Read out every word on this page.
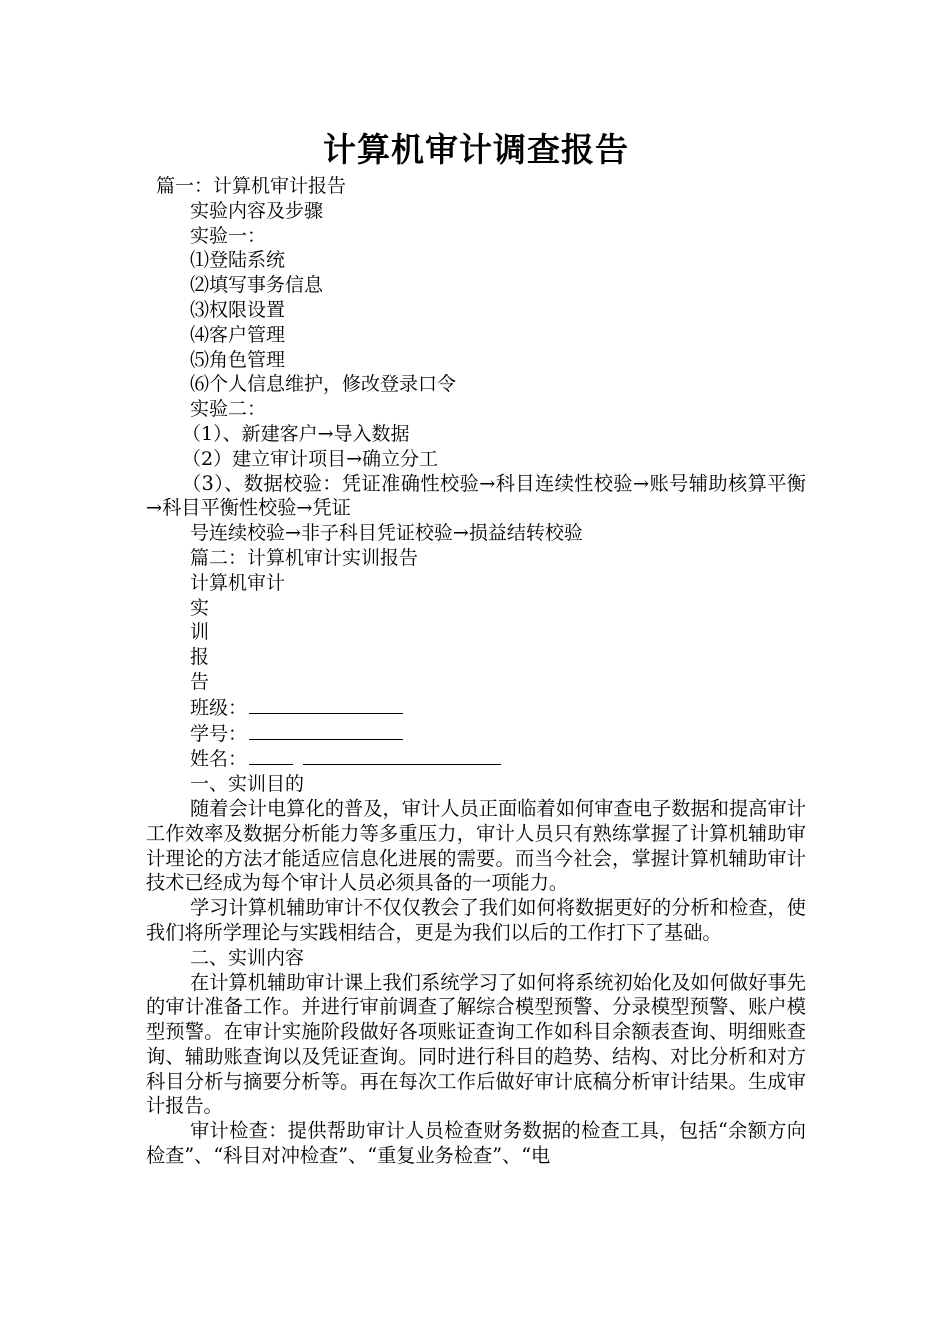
计算机审计调查报告
篇一：计算机审计报告
实验内容及步骤
实验一：
⑴登陆系统
⑵填写事务信息
⑶权限设置
⑷客户管理
⑸角色管理
⑹个人信息维护，修改登录口令
实验二：
（1）、新建客户→导入数据
（2）建立审计项目→确立分工

（3）、数据校验：凭证准确性校验→科目连续性校验→账号辅助核算平衡→科目平衡性校验→凭证

号连续校验→非子科目凭证校验→损益结转校验
篇二：计算机审计实训报告
计算机审计
实
训
报
告
班级：
学号：
姓名：
一、实训目的

随着会计电算化的普及，审计人员正面临着如何审查电子数据和提高审计工作效率及数据分析能力等多重压力，审计人员只有熟练掌握了计算机辅助审计理论的方法才能适应信息化进展的需要。而当今社会，掌握计算机辅助审计技术已经成为每个审计人员必须具备的一项能力。

学习计算机辅助审计不仅仅教会了我们如何将数据更好的分析和检查，使我们将所学理论与实践相结合，更是为我们以后的工作打下了基础。

二、实训内容

在计算机辅助审计课上我们系统学习了如何将系统初始化及如何做好事先的审计准备工作。并进行审前调查了解综合模型预警、分录模型预警、账户模型预警。在审计实施阶段做好各项账证查询工作如科目余额表查询、明细账查询、辅助账查询以及凭证查询。同时进行科目的趋势、结构、对比分析和对方科目分析与摘要分析等。再在每次工作后做好审计底稿分析审计结果。生成审计报告。

审计检查：提供帮助审计人员检查财务数据的检查工具，包括“余额方向检查”、“科目对冲检查”、“重复业务检查”、“电
